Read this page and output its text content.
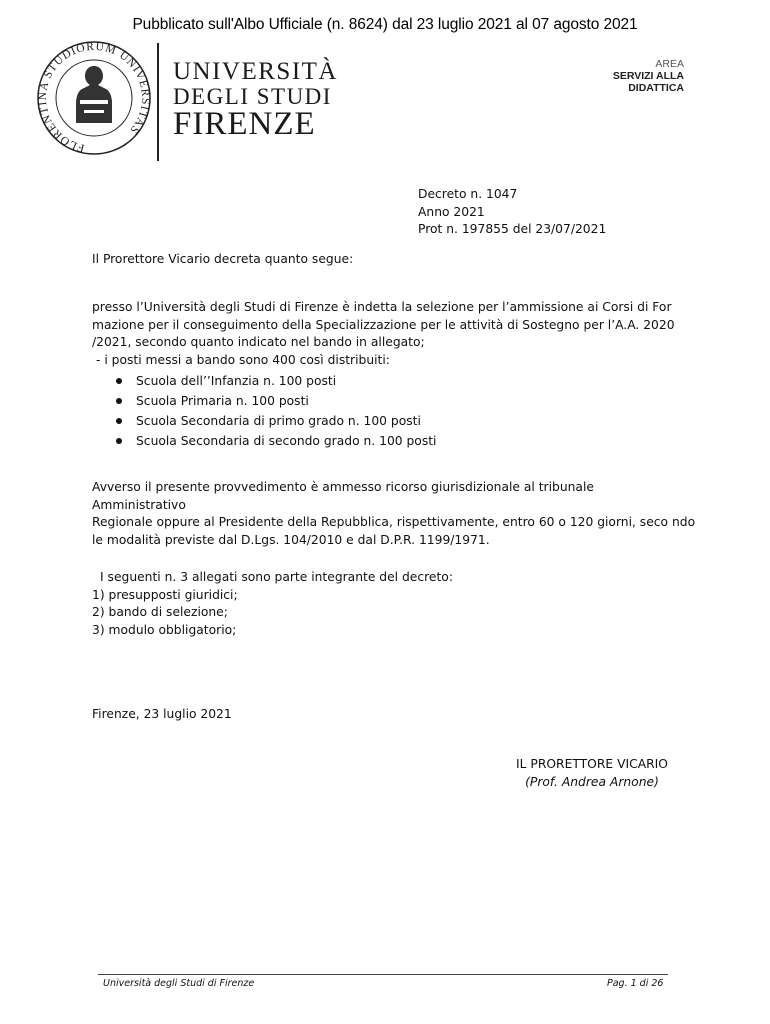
Pubblicato sull'Albo Ufficiale (n. 8624) dal 23 luglio 2021 al 07 agosto 2021
FLORENTINA STUDIORUM UNIVERSITAS
UNIVERSITÀ
DEGLI STUDI
FIRENZE
AREA
SERVIZI ALLA
DIDATTICA
Decreto n. 1047
Anno 2021
Prot n. 197855 del 23/07/2021
Il Prorettore Vicario decreta quanto segue:
presso l’Università degli Studi di Firenze è indetta la selezione per l’ammissione ai Corsi di For mazione per il conseguimento della Specializzazione per le attività di Sostegno per l’A.A. 2020 /2021, secondo quanto indicato nel bando in allegato;
- i posti messi a bando sono 400 così distribuiti:
Scuola dell’’Infanzia n. 100 posti
Scuola Primaria n. 100 posti
Scuola Secondaria di primo grado n. 100 posti
Scuola Secondaria di secondo grado n. 100 posti
Avverso il presente provvedimento è ammesso ricorso giurisdizionale al tribunale
Amministrativo
Regionale oppure al Presidente della Repubblica, rispettivamente, entro 60 o 120 giorni, seco ndo le modalità previste dal D.Lgs. 104/2010 e dal D.P.R. 1199/1971.
I seguenti n. 3 allegati sono parte integrante del decreto:
1) presupposti giuridici;
2) bando di selezione;
3) modulo obbligatorio;
Firenze, 23 luglio 2021
IL PRORETTORE VICARIO
(Prof. Andrea Arnone)
Università degli Studi di Firenze	Pag. 1 di 26
